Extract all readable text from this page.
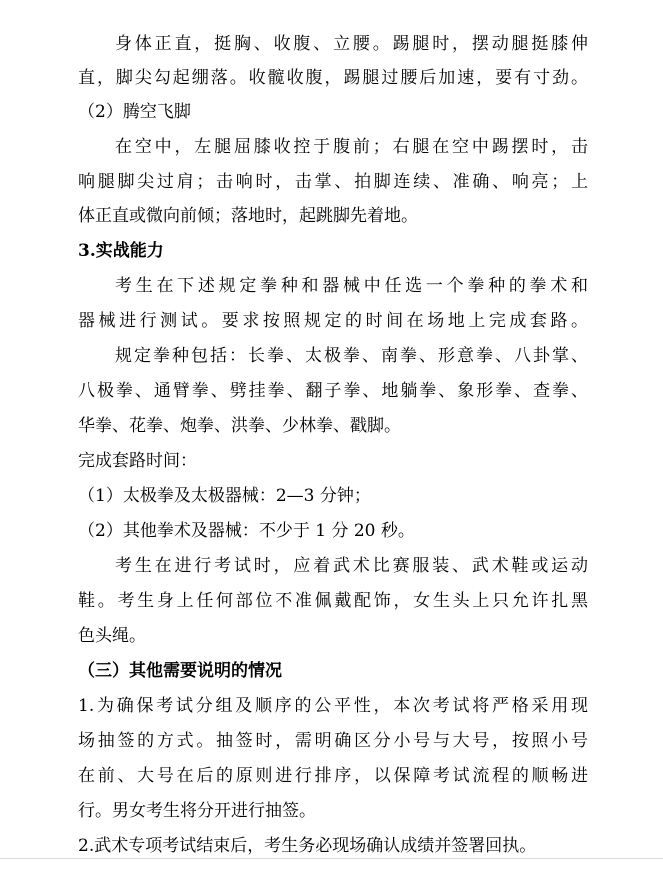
身体正直，挺胸、收腹、立腰。踢腿时，摆动腿挺膝伸
直，脚尖勾起绷落。收髋收腹，踢腿过腰后加速，要有寸劲。
（2）腾空飞脚
在空中，左腿屈膝收控于腹前；右腿在空中踢摆时，击
响腿脚尖过肩；击响时，击掌、拍脚连续、准确、响亮；上
体正直或微向前倾；落地时，起跳脚先着地。
3.实战能力
考生在下述规定拳种和器械中任选一个拳种的拳术和
器械进行测试。要求按照规定的时间在场地上完成套路。
规定拳种包括：长拳、太极拳、南拳、形意拳、八卦掌、
八极拳、通臂拳、劈挂拳、翻子拳、地躺拳、象形拳、查拳、
华拳、花拳、炮拳、洪拳、少林拳、戳脚。
完成套路时间：
（1）太极拳及太极器械：2—3 分钟；
（2）其他拳术及器械：不少于 1 分 20 秒。
考生在进行考试时，应着武术比赛服装、武术鞋或运动
鞋。考生身上任何部位不准佩戴配饰，女生头上只允许扎黑
色头绳。
（三）其他需要说明的情况
1.为确保考试分组及顺序的公平性，本次考试将严格采用现
场抽签的方式。抽签时，需明确区分小号与大号，按照小号
在前、大号在后的原则进行排序，以保障考试流程的顺畅进
行。男女考生将分开进行抽签。
2.武术专项考试结束后，考生务必现场确认成绩并签署回执。
